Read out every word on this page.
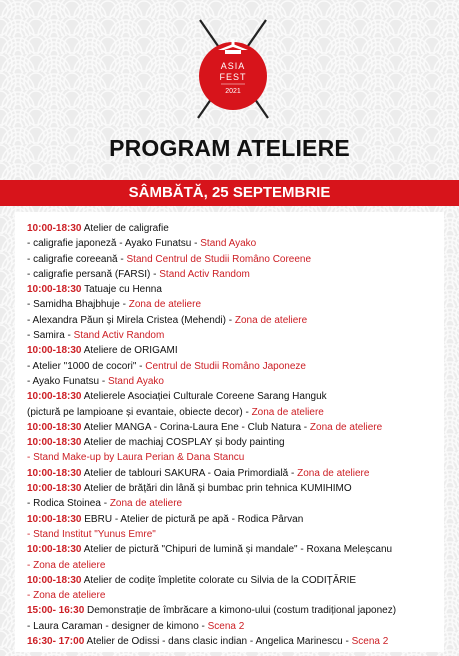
ASIA
FEST
2021
PROGRAM ATELIERE
SÂMBĂTĂ, 25 SEPTEMBRIE
10:00-18:30 Atelier de caligrafie
- caligrafie japoneză - Ayako Funatsu - Stand Ayako
- caligrafie coreeană - Stand Centrul de Studii Româno Coreene
- caligrafie persană (FARSI) - Stand Activ Random
10:00-18:30 Tatuaje cu Henna
- Samidha Bhajbhuje - Zona de ateliere
- Alexandra Păun și Mirela Cristea (Mehendi) - Zona de ateliere
- Samira - Stand Activ Random
10:00-18:30 Ateliere de ORIGAMI
- Atelier "1000 de cocori" - Centrul de Studii Româno Japoneze
- Ayako Funatsu - Stand Ayako
10:00-18:30 Atelierele Asociației Culturale Coreene Sarang Hanguk
(pictură pe lampioane și evantaie, obiecte decor) - Zona de ateliere
10:00-18:30 Atelier MANGA - Corina-Laura Ene - Club Natura - Zona de ateliere
10:00-18:30 Atelier de machiaj COSPLAY și body painting
- Stand Make-up by Laura Perian & Dana Stancu
10:00-18:30 Atelier de tablouri SAKURA - Oaia Primordială - Zona de ateliere
10:00-18:30 Atelier de brățări din lână și bumbac prin tehnica KUMIHIMO
- Rodica Stoinea - Zona de ateliere
10:00-18:30 EBRU - Atelier de pictură pe apă - Rodica Pârvan
- Stand Institut "Yunus Emre"
10:00-18:30 Atelier de pictură "Chipuri de lumină și mandale" - Roxana Meleșcanu
- Zona de ateliere
10:00-18:30 Atelier de codițe împletite colorate cu Silvia de la CODIȚĂRIE
- Zona de ateliere
15:00- 16:30 Demonstrație de îmbrăcare a kimono-ului (costum tradițional japonez)
- Laura Caraman - designer de kimono - Scena 2
16:30- 17:00 Atelier de Odissi - dans clasic indian - Angelica Marinescu - Scena 2
